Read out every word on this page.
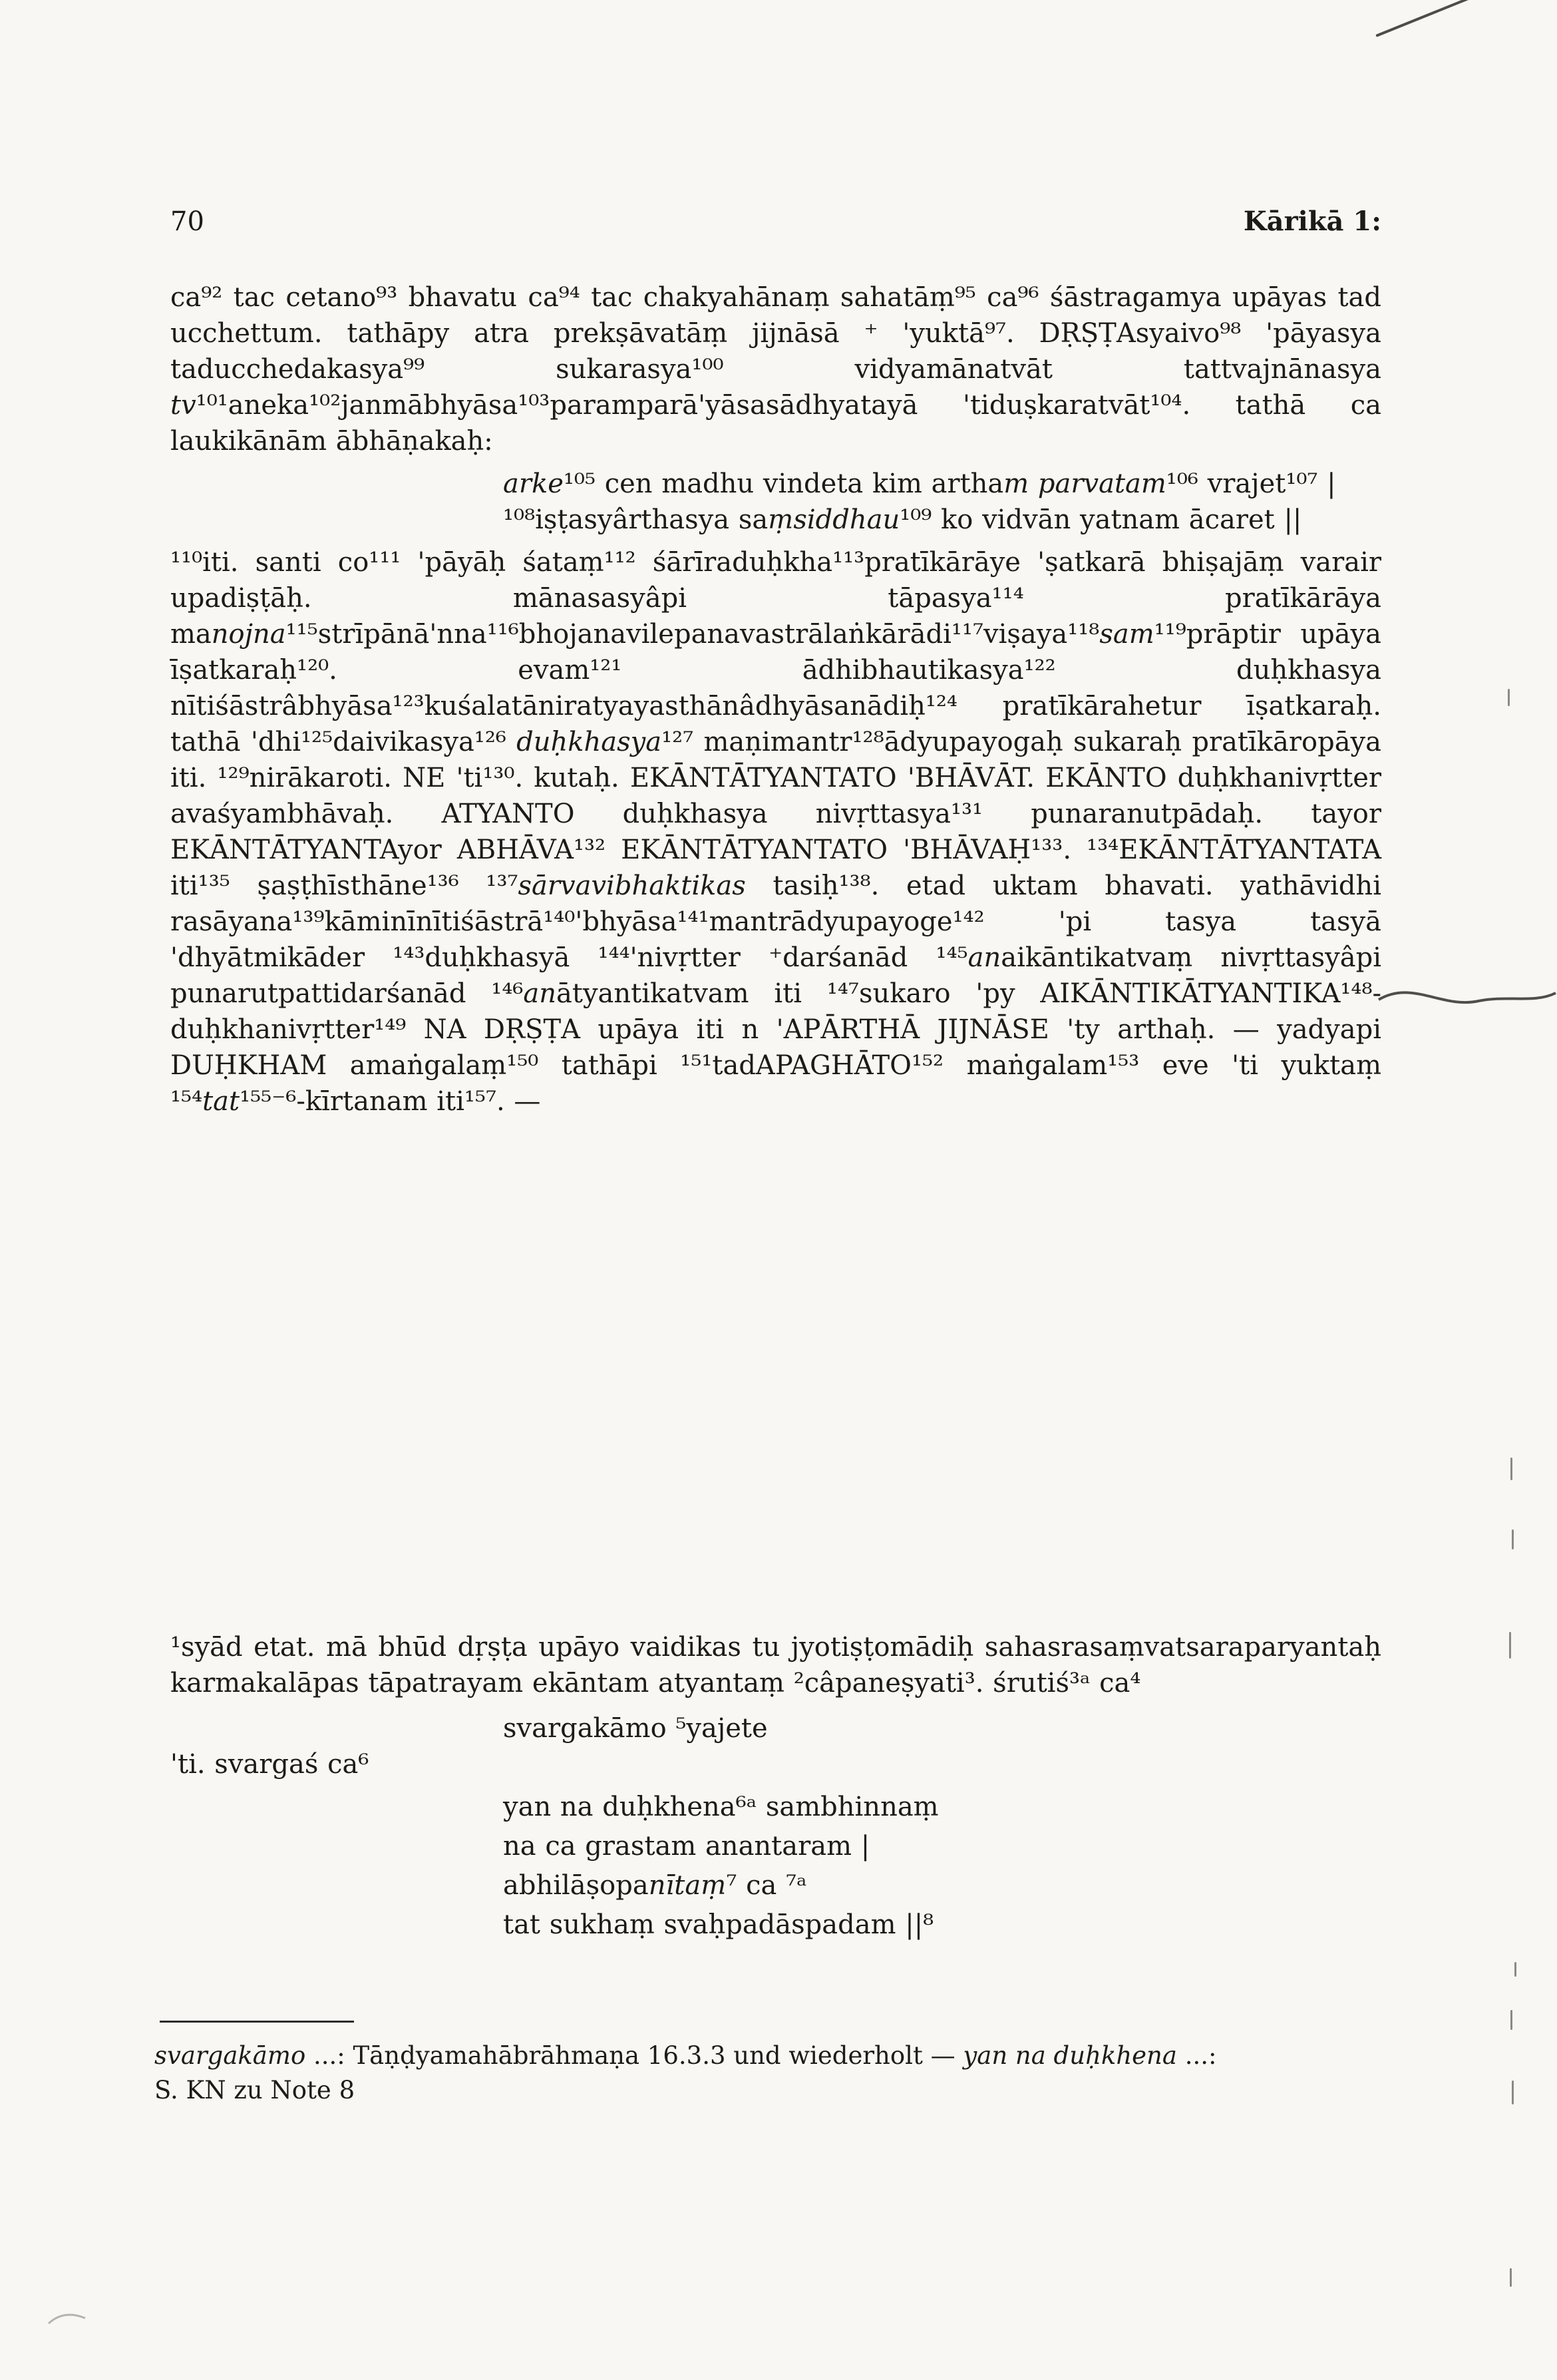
70	Kārikā 1:

ca⁹² tac cetano⁹³ bhavatu ca⁹⁴ tac chakyahānaṃ sahatāṃ⁹⁵ ca⁹⁶ śāstragamya upāyas tad ucchettum. tathāpy atra prekṣāvatāṃ jijnāsā ⁺ 'yuktā⁹⁷. DṚṢṬAsyaivo⁹⁸ 'pāyasya taducchedakasya⁹⁹ sukarasya¹⁰⁰ vidyamānatvāt tattvajnānasya tv¹⁰¹aneka¹⁰²janmābhyāsa¹⁰³paramparā'yāsasādhyatayā 'tiduṣkaratvāt¹⁰⁴. tathā ca laukikānām ābhāṇakaḥ:

arke¹⁰⁵ cen madhu vindeta kim artham parvatam¹⁰⁶ vrajet¹⁰⁷ |
¹⁰⁸iṣṭasyârthasya saṃsiddhau¹⁰⁹ ko vidvān yatnam ācaret ||

¹¹⁰iti. santi co¹¹¹ 'pāyāḥ śataṃ¹¹² śārīraduḥkha¹¹³pratīkārāye 'ṣatkarā bhiṣajāṃ varair upadiṣṭāḥ. mānasasyâpi tāpasya¹¹⁴ pratīkārāya manojna¹¹⁵strīpānā'nna¹¹⁶bhojanavilepanavastrālaṅkārādi¹¹⁷viṣaya¹¹⁸sam¹¹⁹prāptir upāya īṣatkaraḥ¹²⁰. evam¹²¹ ādhibhautikasya¹²² duḥkhasya nītiśāstrâbhyāsa¹²³kuśalatāniratyayasthānâdhyāsanādiḥ¹²⁴ pratīkārahetur īṣatkaraḥ. tathā 'dhi¹²⁵daivikasya¹²⁶ duḥkhasya¹²⁷ maṇimantr¹²⁸ādyupayogaḥ sukaraḥ pratīkāropāya iti. ¹²⁹nirākaroti. NE 'ti¹³⁰. kutaḥ. EKĀNTĀTYANTATO 'BHĀVĀT. EKĀNTO duḥkhanivṛtter avaśyambhāvaḥ. ATYANTO duḥkhasya nivṛttasya¹³¹ punaranutpādaḥ. tayor EKĀNTĀTYANTAyor ABHĀVA¹³² EKĀNTĀTYANTATO 'BHĀVAḤ¹³³. ¹³⁴EKĀNTĀTYANTATA iti¹³⁵ ṣaṣṭhīsthāne¹³⁶ ¹³⁷sārvavibhaktikas tasiḥ¹³⁸. etad uktam bhavati. yathāvidhi rasāyana¹³⁹kāminīnītiśāstrā¹⁴⁰'bhyāsa¹⁴¹mantrādyupayoge¹⁴² 'pi tasya tasyā 'dhyātmikāder ¹⁴³duḥkhasyā ¹⁴⁴'nivṛtter ⁺darśanād ¹⁴⁵anaikāntikatvaṃ nivṛttasyâpi punarutpattidarśanād ¹⁴⁶anātyantikatvam iti ¹⁴⁷sukaro 'py AIKĀNTIKĀTYANTIKA¹⁴⁸-duḥkhanivṛtter¹⁴⁹ NA DṚṢṬA upāya iti n 'APĀRTHĀ JIJNĀSE 'ty arthaḥ. — yadyapi DUḤKHAM amaṅgalaṃ¹⁵⁰ tathāpi ¹⁵¹tadAPAGHĀTO¹⁵² maṅgalam¹⁵³ eve 'ti yuktaṃ ¹⁵⁴tat¹⁵⁵⁻⁶-kīrtanam iti¹⁵⁷. —

¹syād etat. mā bhūd dṛṣṭa upāyo vaidikas tu jyotiṣṭomādiḥ sahasrasaṃvatsaraparyantaḥ karmakalāpas tāpatrayam ekāntam atyantaṃ ²câpaneṣyati³. śrutiś³ᵃ ca⁴

svargakāmo ⁵yajete
'ti. svargaś ca⁶
yan na duḥkhena⁶ᵃ sambhinnaṃ
na ca grastam anantaram |
abhilāṣopanītaṃ⁷ ca ⁷ᵃ
tat sukhaṃ svaḥpadāspadam ||⁸
svargakāmo ...: Tāṇḍyamahābrāhmaṇa 16.3.3 und wiederholt — yan na duḥkhena ...:
S. KN zu Note 8
